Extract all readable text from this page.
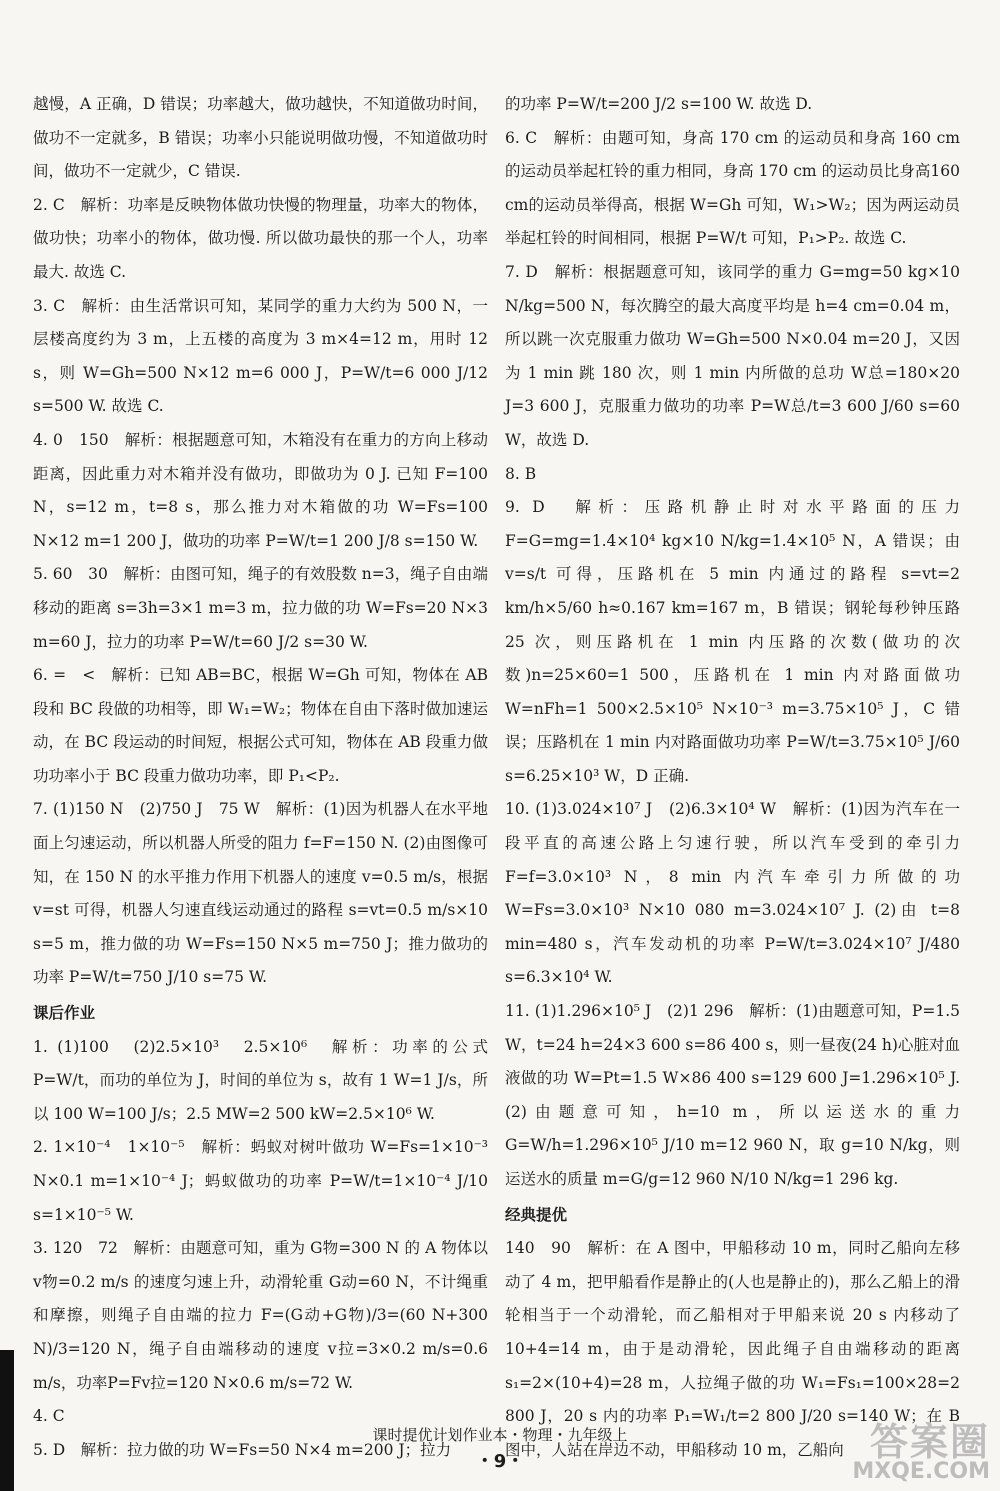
越慢，A 正确，D 错误；功率越大，做功越快，不知道做功时间，做功不一定就多，B 错误；功率小只能说明做功慢，不知道做功时间，做功不一定就少，C 错误.

2. C　解析：功率是反映物体做功快慢的物理量，功率大的物体，做功快；功率小的物体，做功慢. 所以做功最快的那一个人，功率最大. 故选 C.

3. C　解析：由生活常识可知，某同学的重力大约为 500 N，一层楼高度约为 3 m，上五楼的高度为 3 m×4=12 m，用时 12 s，则 W=Gh=500 N×12 m=6 000 J，P=W/t=6 000 J/12 s=500 W. 故选 C.

4. 0　150　解析：根据题意可知，木箱没有在重力的方向上移动距离，因此重力对木箱并没有做功，即做功为 0 J. 已知 F=100 N，s=12 m，t=8 s，那么推力对木箱做的功 W=Fs=100 N×12 m=1 200 J，做功的功率 P=W/t=1 200 J/8 s=150 W.

5. 60　30　解析：由图可知，绳子的有效股数 n=3，绳子自由端移动的距离 s=3h=3×1 m=3 m，拉力做的功 W=Fs=20 N×3 m=60 J，拉力的功率 P=W/t=60 J/2 s=30 W.

6. =　<　解析：已知 AB=BC，根据 W=Gh 可知，物体在 AB 段和 BC 段做的功相等，即 W₁=W₂；物体在自由下落时做加速运动，在 BC 段运动的时间短，根据公式可知，物体在 AB 段重力做功功率小于 BC 段重力做功功率，即 P₁<P₂.

7. (1)150 N　(2)750 J　75 W　解析：(1)因为机器人在水平地面上匀速运动，所以机器人所受的阻力 f=F=150 N. (2)由图像可知，在 150 N 的水平推力作用下机器人的速度 v=0.5 m/s，根据 v=st 可得，机器人匀速直线运动通过的路程 s=vt=0.5 m/s×10 s=5 m，推力做的功 W=Fs=150 N×5 m=750 J；推力做功的功率 P=W/t=750 J/10 s=75 W.

课后作业

1. (1)100　(2)2.5×10³　2.5×10⁶　解析：功率的公式 P=W/t，而功的单位为 J，时间的单位为 s，故有 1 W=1 J/s，所以 100 W=100 J/s；2.5 MW=2 500 kW=2.5×10⁶ W.

2. 1×10⁻⁴　1×10⁻⁵　解析：蚂蚁对树叶做功 W=Fs=1×10⁻³ N×0.1 m=1×10⁻⁴ J；蚂蚁做功的功率 P=W/t=1×10⁻⁴ J/10 s=1×10⁻⁵ W.

3. 120　72　解析：由题意可知，重为 G物=300 N 的 A 物体以 v物=0.2 m/s 的速度匀速上升，动滑轮重 G动=60 N，不计绳重和摩擦，则绳子自由端的拉力 F=(G动+G物)/3=(60 N+300 N)/3=120 N，绳子自由端移动的速度 v拉=3×0.2 m/s=0.6 m/s，功率P=Fv拉=120 N×0.6 m/s=72 W.

4. C

5. D　解析：拉力做的功 W=Fs=50 N×4 m=200 J；拉力

的功率 P=W/t=200 J/2 s=100 W. 故选 D.

6. C　解析：由题可知，身高 170 cm 的运动员和身高 160 cm 的运动员举起杠铃的重力相同，身高 170 cm 的运动员比身高160 cm的运动员举得高，根据 W=Gh 可知，W₁>W₂；因为两运动员举起杠铃的时间相同，根据 P=W/t 可知，P₁>P₂. 故选 C.

7. D　解析：根据题意可知，该同学的重力 G=mg=50 kg×10 N/kg=500 N，每次腾空的最大高度平均是 h=4 cm=0.04 m，所以跳一次克服重力做功 W=Gh=500 N×0.04 m=20 J，又因为 1 min 跳 180 次，则 1 min 内所做的总功 W总=180×20 J=3 600 J，克服重力做功的功率 P=W总/t=3 600 J/60 s=60 W，故选 D.

8. B

9. D　解析：压路机静止时对水平路面的压力 F=G=mg=1.4×10⁴ kg×10 N/kg=1.4×10⁵ N，A 错误；由 v=s/t 可得，压路机在 5 min 内通过的路程 s=vt=2 km/h×5/60 h≈0.167 km=167 m，B 错误；钢轮每秒钟压路 25 次，则压路机在 1 min 内压路的次数(做功的次数)n=25×60=1 500，压路机在 1 min 内对路面做功 W=nFh=1 500×2.5×10⁵ N×10⁻³ m=3.75×10⁵ J，C 错误；压路机在 1 min 内对路面做功功率 P=W/t=3.75×10⁵ J/60 s=6.25×10³ W，D 正确.

10. (1)3.024×10⁷ J　(2)6.3×10⁴ W　解析：(1)因为汽车在一段平直的高速公路上匀速行驶，所以汽车受到的牵引力 F=f=3.0×10³ N，8 min 内汽车牵引力所做的功 W=Fs=3.0×10³ N×10 080 m=3.024×10⁷ J. (2)由 t=8 min=480 s，汽车发动机的功率 P=W/t=3.024×10⁷ J/480 s=6.3×10⁴ W.

11. (1)1.296×10⁵ J　(2)1 296　解析：(1)由题意可知，P=1.5 W，t=24 h=24×3 600 s=86 400 s，则一昼夜(24 h)心脏对血液做的功 W=Pt=1.5 W×86 400 s=129 600 J=1.296×10⁵ J. (2)由题意可知，h=10 m，所以运送水的重力 G=W/h=1.296×10⁵ J/10 m=12 960 N，取 g=10 N/kg，则运送水的质量 m=G/g=12 960 N/10 N/kg=1 296 kg.

经典提优

140　90　解析：在 A 图中，甲船移动 10 m，同时乙船向左移动了 4 m，把甲船看作是静止的(人也是静止的)，那么乙船上的滑轮相当于一个动滑轮，而乙船相对于甲船来说 20 s 内移动了 10+4=14 m，由于是动滑轮，因此绳子自由端移动的距离 s₁=2×(10+4)=28 m，人拉绳子做的功 W₁=Fs₁=100×28=2 800 J，20 s 内的功率 P₁=W₁/t=2 800 J/20 s=140 W；在 B 图中，人站在岸边不动，甲船移动 10 m，乙船向

课时提优计划作业本・物理・九年级上
・9・	答案圈
MXQE.COM
